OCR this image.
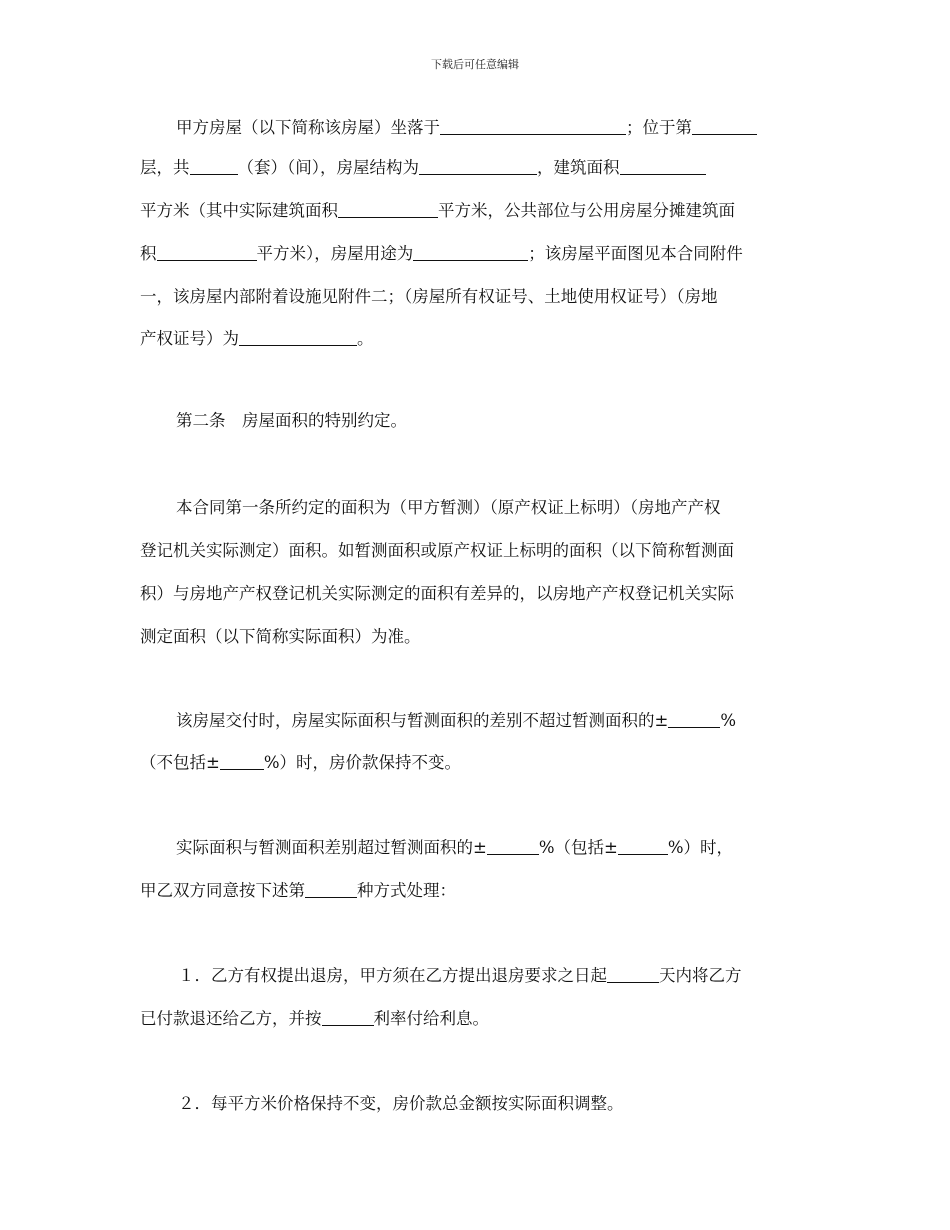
下载后可任意编辑
甲方房屋（以下简称该房屋）坐落于	；位于第
层，共	（套）（间），房屋结构为	，建筑面积
平方米（其中实际建筑面积	平方米，公共部位与公用房屋分摊建筑面
积	平方米），房屋用途为	；该房屋平面图见本合同附件
一，该房屋内部附着设施见附件二；（房屋所有权证号、土地使用权证号）（房地
产权证号）为	。
第二条　房屋面积的特别约定。
本合同第一条所约定的面积为（甲方暂测）（原产权证上标明）（房地产产权
登记机关实际测定）面积。如暂测面积或原产权证上标明的面积（以下简称暂测面
积）与房地产产权登记机关实际测定的面积有差异的，以房地产产权登记机关实际
测定面积（以下简称实际面积）为准。
该房屋交付时，房屋实际面积与暂测面积的差别不超过暂测面积的±	%
（不包括±	%）时，房价款保持不变。
实际面积与暂测面积差别超过暂测面积的±	%（包括±	%）时，
甲乙双方同意按下述第	种方式处理：
１．乙方有权提出退房，甲方须在乙方提出退房要求之日起	天内将乙方
已付款退还给乙方，并按	利率付给利息。
２．每平方米价格保持不变，房价款总金额按实际面积调整。
